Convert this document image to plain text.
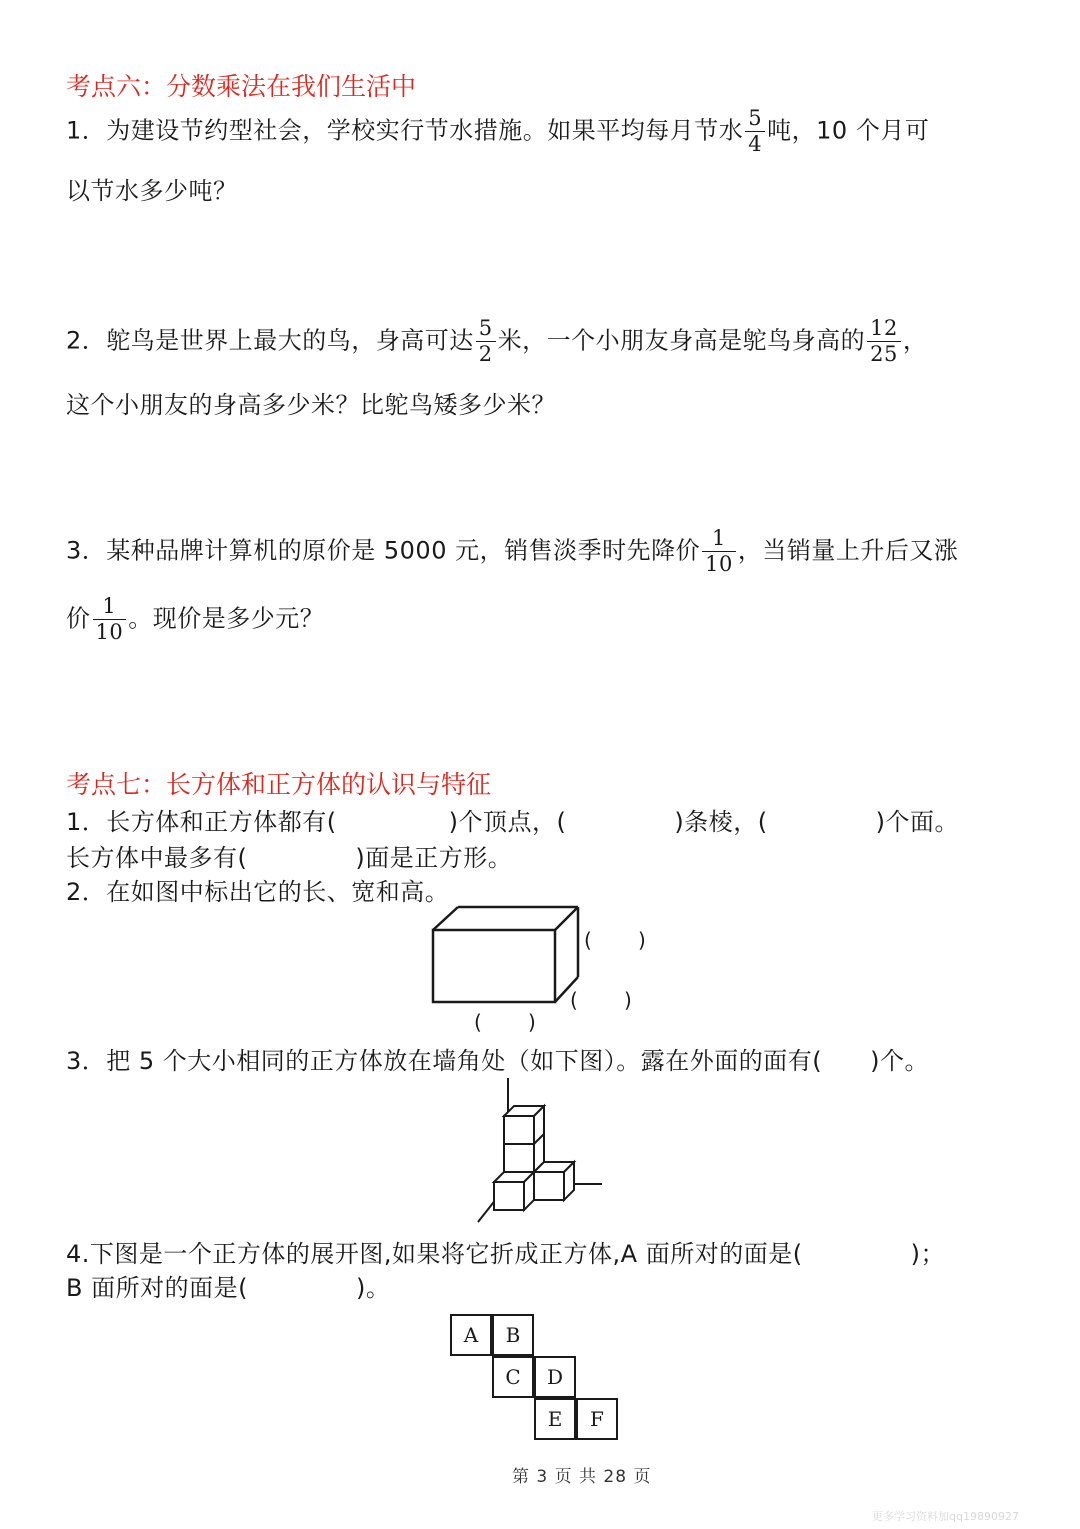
考点六：分数乘法在我们生活中
1．为建设节约型社会，学校实行节水措施。如果平均每月节水 $\frac{5}{4}$ 吨，10 个月可
以节水多少吨？
2．鸵鸟是世界上最大的鸟，身高可达 $\frac{5}{2}$ 米，一个小朋友身高是鸵鸟身高的 $\frac{12}{25}$ ，
这个小朋友的身高多少米？比鸵鸟矮多少米？
3．某种品牌计算机的原价是 5000 元，销售淡季时先降价 $\frac{1}{10}$ ，当销量上升后又涨
价 $\frac{1}{10}$ 。现价是多少元？
考点七：长方体和正方体的认识与特征
1．长方体和正方体都有(	)个顶点，(	)条棱，(	)个面。
长方体中最多有(	)面是正方形。
2．在如图中标出它的长、宽和高。
( )
( )
( )
3．把 5 个大小相同的正方体放在墙角处（如下图）。露在外面的面有( )个。
4.下图是一个正方体的展开图,如果将它折成正方体,A 面所对的面是(	)；
B 面所对的面是(	)。
A	B
C	D
E	F
第 3 页 共 28 页
更多学习资料加qq19890927
